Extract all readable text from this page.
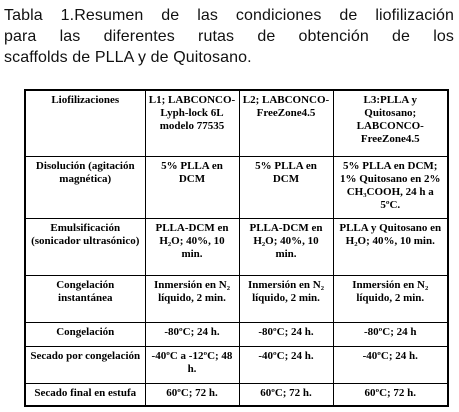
Tabla 1.Resumen de las condiciones de liofilización
para las diferentes rutas de obtención de los
scaffolds de PLLA y de Quitosano.
Liofilizaciones	L1; LABCONCO-Lyph-lock 6L modelo 77535	L2; LABCONCO-FreeZone4.5	L3:PLLA y Quitosano; LABCONCO-FreeZone4.5
Disolución (agitación magnética)	5% PLLA en DCM	5% PLLA en DCM	5% PLLA en DCM; 1% Quitosano en 2% CH₃COOH, 24 h a 5ºC.
Emulsificación (sonicador ultrasónico)	PLLA-DCM en H₂O; 40%, 10 min.	PLLA-DCM en H₂O; 40%, 10 min.	PLLA y Quitosano en H₂O; 40%, 10 min.
Congelación instantánea	Inmersión en N₂ líquido, 2 min.	Inmersión en N₂ líquido, 2 min.	Inmersión en N₂ líquido, 2 min.
Congelación	-80ºC; 24 h.	-80ºC; 24 h.	-80ºC; 24 h
Secado por congelación	-40ºC a -12ºC; 48 h.	-40ºC; 24 h.	-40ºC; 24 h.
Secado final en estufa	60ºC; 72 h.	60ºC; 72 h.	60ºC; 72 h.
